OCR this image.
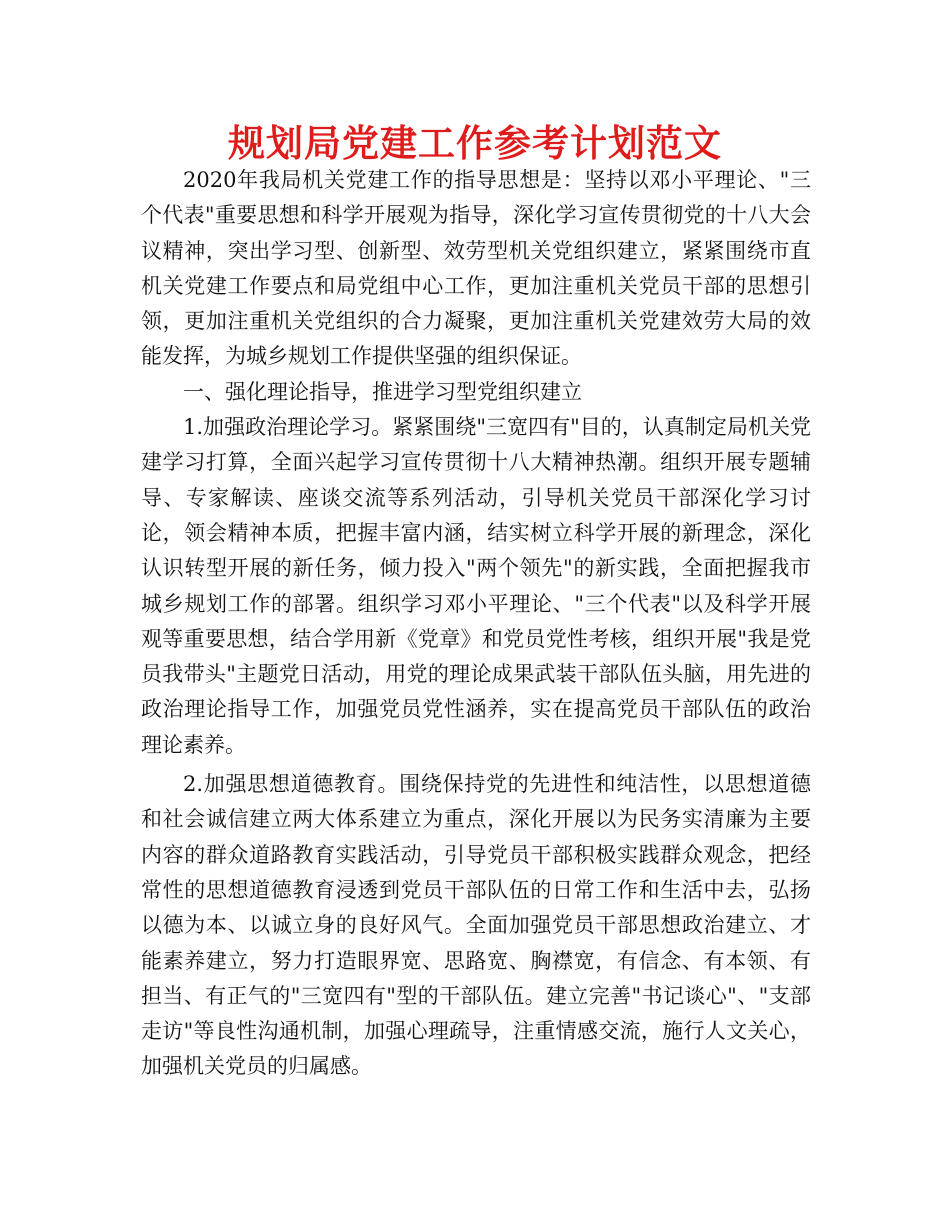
规划局党建工作参考计划范文

2020年我局机关党建工作的指导思想是：坚持以邓小平理论、"三个代表"重要思想和科学开展观为指导，深化学习宣传贯彻党的十八大会议精神，突出学习型、创新型、效劳型机关党组织建立，紧紧围绕市直机关党建工作要点和局党组中心工作，更加注重机关党员干部的思想引领，更加注重机关党组织的合力凝聚，更加注重机关党建效劳大局的效能发挥，为城乡规划工作提供坚强的组织保证。

一、强化理论指导，推进学习型党组织建立

1.加强政治理论学习。紧紧围绕"三宽四有"目的，认真制定局机关党建学习打算，全面兴起学习宣传贯彻十八大精神热潮。组织开展专题辅导、专家解读、座谈交流等系列活动，引导机关党员干部深化学习讨论，领会精神本质，把握丰富内涵，结实树立科学开展的新理念，深化认识转型开展的新任务，倾力投入"两个领先"的新实践，全面把握我市城乡规划工作的部署。组织学习邓小平理论、"三个代表"以及科学开展观等重要思想，结合学用新《党章》和党员党性考核，组织开展"我是党员我带头"主题党日活动，用党的理论成果武装干部队伍头脑，用先进的政治理论指导工作，加强党员党性涵养，实在提高党员干部队伍的政治理论素养。

2.加强思想道德教育。围绕保持党的先进性和纯洁性，以思想道德和社会诚信建立两大体系建立为重点，深化开展以为民务实清廉为主要内容的群众道路教育实践活动，引导党员干部积极实践群众观念，把经常性的思想道德教育浸透到党员干部队伍的日常工作和生活中去，弘扬以德为本、以诚立身的良好风气。全面加强党员干部思想政治建立、才能素养建立，努力打造眼界宽、思路宽、胸襟宽，有信念、有本领、有担当、有正气的"三宽四有"型的干部队伍。建立完善"书记谈心"、"支部走访"等良性沟通机制，加强心理疏导，注重情感交流，施行人文关心，加强机关党员的归属感。
